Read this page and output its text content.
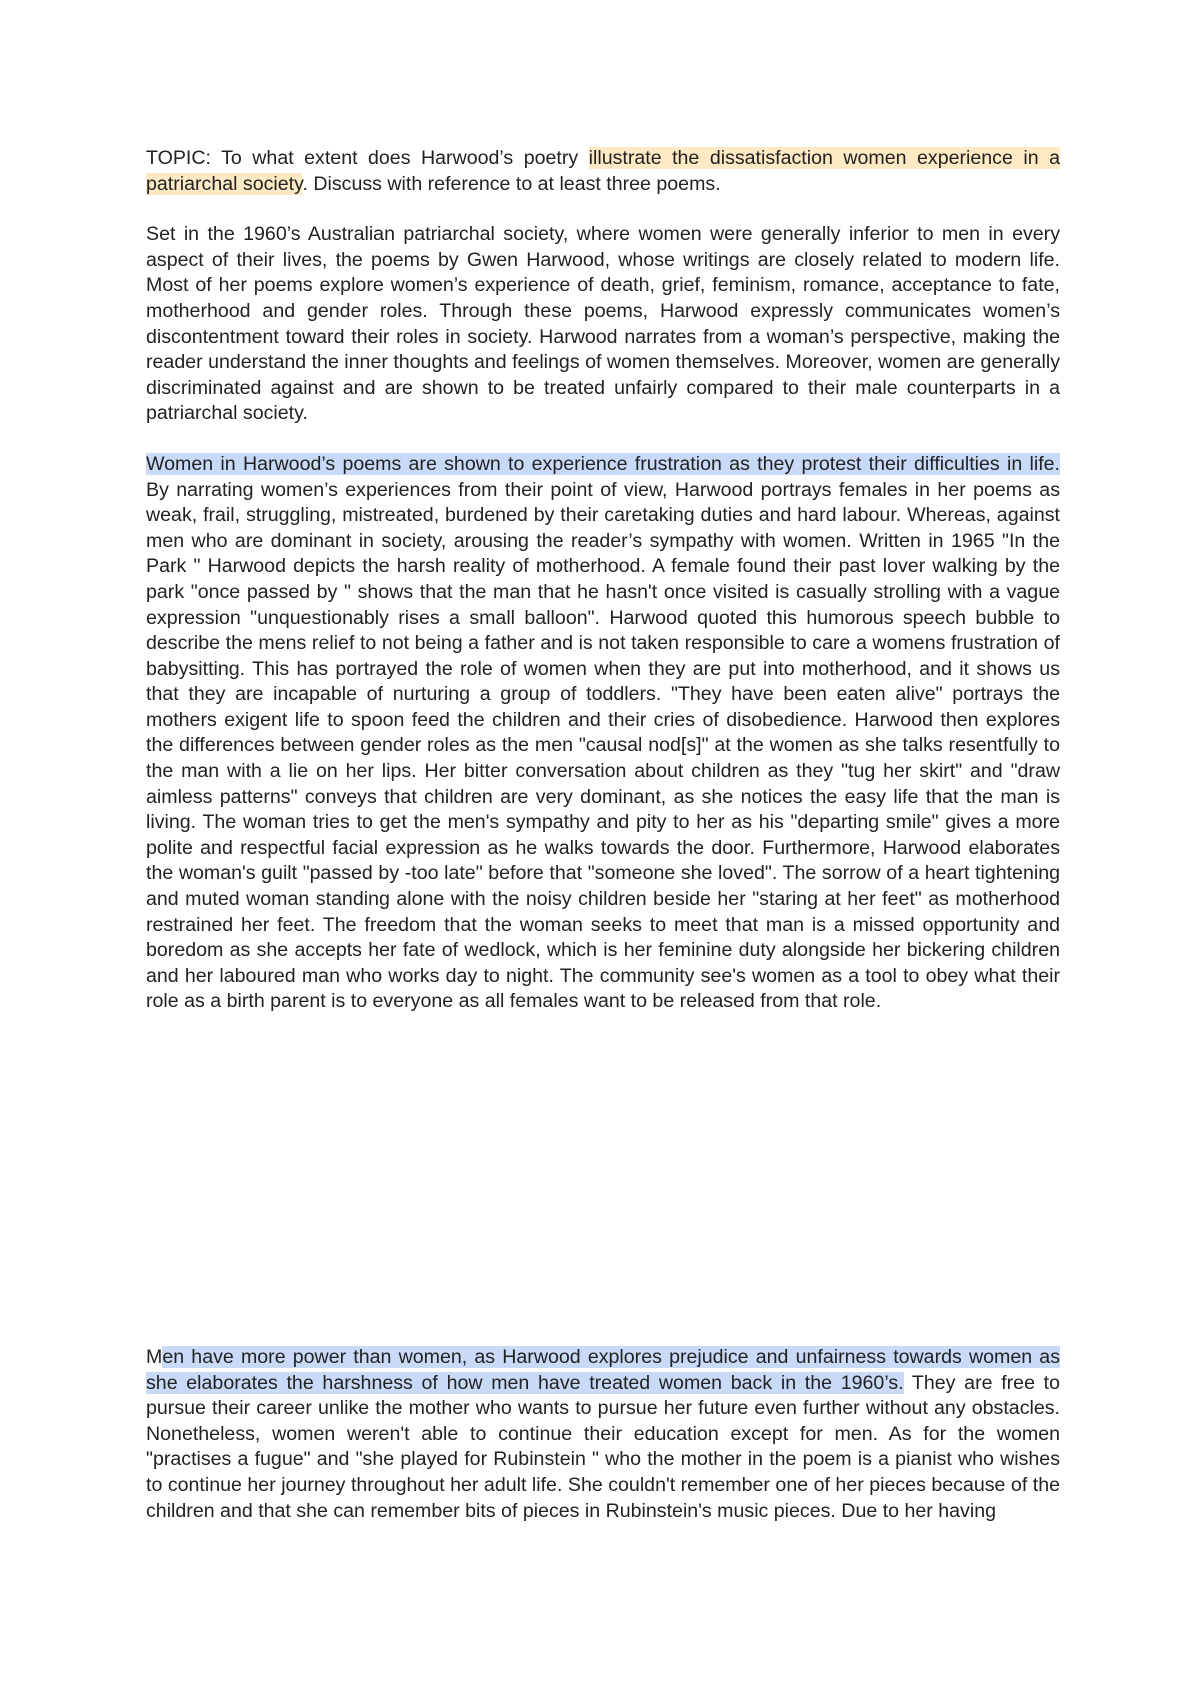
TOPIC: To what extent does Harwood’s poetry illustrate the dissatisfaction women experience in a patriarchal society. Discuss with reference to at least three poems.

Set in the 1960’s Australian patriarchal society, where women were generally inferior to men in every aspect of their lives, the poems by Gwen Harwood, whose writings are closely related to modern life. Most of her poems explore women’s experience of death, grief, feminism, romance, acceptance to fate, motherhood and gender roles. Through these poems, Harwood expressly communicates women’s discontentment toward their roles in society. Harwood narrates from a woman’s perspective, making the reader understand the inner thoughts and feelings of women themselves. Moreover, women are generally discriminated against and are shown to be treated unfairly compared to their male counterparts in a patriarchal society.

Women in Harwood’s poems are shown to experience frustration as they protest their difficulties in life. By narrating women’s experiences from their point of view, Harwood portrays females in her poems as weak, frail, struggling, mistreated, burdened by their caretaking duties and hard labour. Whereas, against men who are dominant in society, arousing the reader’s sympathy with women. Written in 1965 "In the Park " Harwood depicts the harsh reality of motherhood. A female found their past lover walking by the park "once passed by " shows that the man that he hasn't once visited is casually strolling with a vague expression "unquestionably rises a small balloon". Harwood quoted this humorous speech bubble to describe the mens relief to not being a father and is not taken responsible to care a womens frustration of babysitting. This has portrayed the role of women when they are put into motherhood, and it shows us that they are incapable of nurturing a group of toddlers. "They have been eaten alive" portrays the mothers exigent life to spoon feed the children and their cries of disobedience. Harwood then explores the differences between gender roles as the men "causal nod[s]" at the women as she talks resentfully to the man with a lie on her lips. Her bitter conversation about children as they "tug her skirt" and "draw aimless patterns" conveys that children are very dominant, as she notices the easy life that the man is living. The woman tries to get the men's sympathy and pity to her as his "departing smile" gives a more polite and respectful facial expression as he walks towards the door. Furthermore, Harwood elaborates the woman's guilt "passed by -too late" before that "someone she loved". The sorrow of a heart tightening and muted woman standing alone with the noisy children beside her "staring at her feet" as motherhood restrained her feet. The freedom that the woman seeks to meet that man is a missed opportunity and boredom as she accepts her fate of wedlock, which is her feminine duty alongside her bickering children and her laboured man who works day to night. The community see's women as a tool to obey what their role as a birth parent is to everyone as all females want to be released from that role.

Men have more power than women, as Harwood explores prejudice and unfairness towards women as she elaborates the harshness of how men have treated women back in the 1960’s. They are free to pursue their career unlike the mother who wants to pursue her future even further without any obstacles. Nonetheless, women weren't able to continue their education except for men. As for the women "practises a fugue" and "she played for Rubinstein " who the mother in the poem is a pianist who wishes to continue her journey throughout her adult life. She couldn't remember one of her pieces because of the children and that she can remember bits of pieces in Rubinstein's music pieces. Due to her having
